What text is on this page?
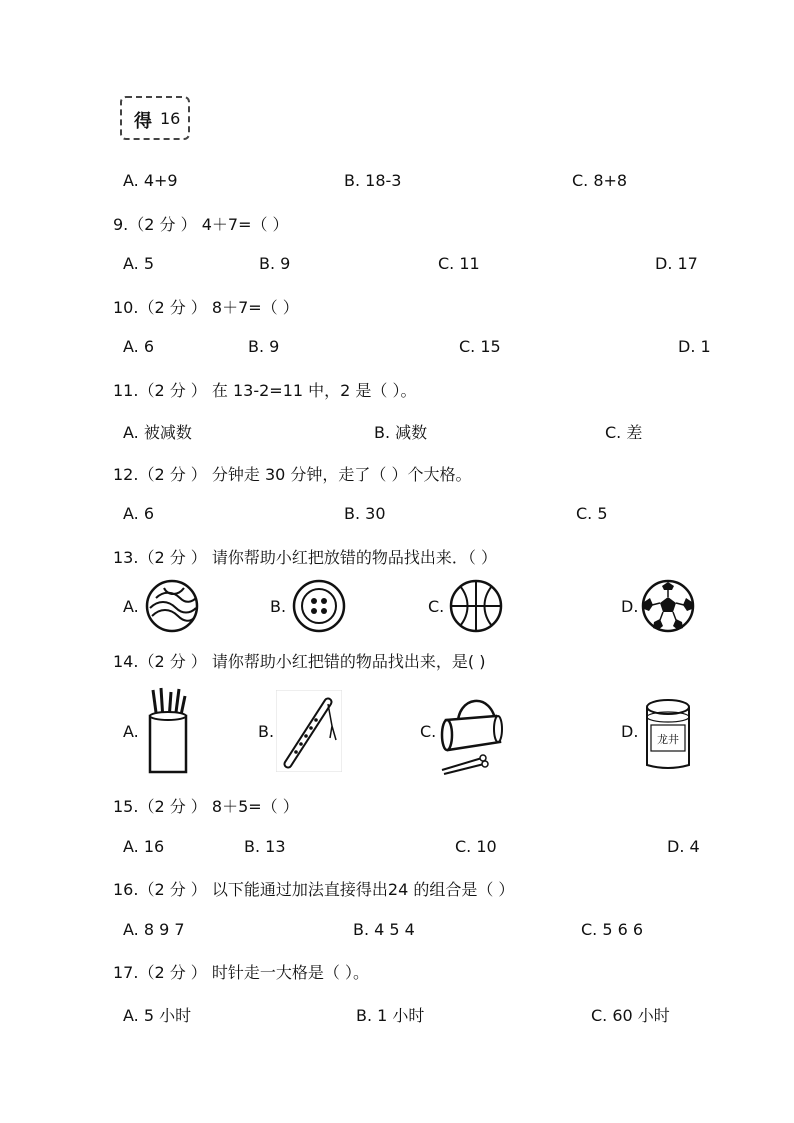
得 16
A. 4+9	B. 18-3	C. 8+8
9.（2 分 ） 4＋7=（ ）
A. 5	B. 9	C. 11	D. 17
10.（2 分 ） 8＋7=（ ）
A. 6	B. 9	C. 15	D. 1
11.（2 分 ） 在 13-2=11 中，2 是（ ）。
A. 被减数	B. 减数	C. 差
12.（2 分 ） 分钟走 30 分钟，走了（ ）个大格。
A. 6	B. 30	C. 5
13.（2 分 ） 请你帮助小红把放错的物品找出来．（ ）
A.	B.	C.	D.
14.（2 分 ） 请你帮助小红把错的物品找出来，是( )
A.	B.	C.	D. 龙井
15.（2 分 ） 8＋5=（ ）
A. 16	B. 13	C. 10	D. 4
16.（2 分 ） 以下能通过加法直接得出24 的组合是（ ）
A. 8 9 7	B. 4 5 4	C. 5 6 6
17.（2 分 ） 时针走一大格是（ ）。
A. 5 小时	B. 1 小时	C. 60 小时
